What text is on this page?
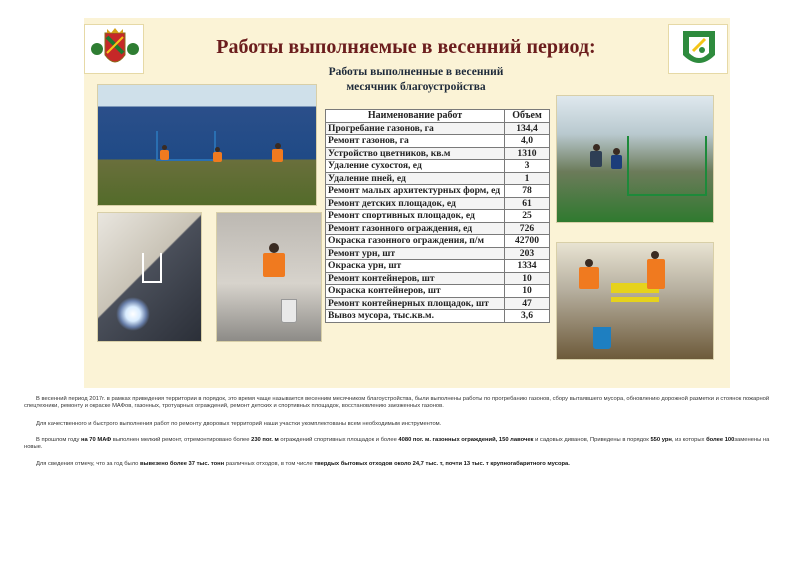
Работы выполняемые в весенний период:
Работы выполненные в весенний
месячник благоустройства
Наименование работ	Объем
Прогребание газонов, га	134,4
Ремонт газонов, га	4,0
Устройство цветников, кв.м	1310
Удаление сухостоя, ед	3
Удаление пней, ед	1
Ремонт малых архитектурных форм, ед	78
Ремонт детских площадок, ед	61
Ремонт спортивных площадок, ед	25
Ремонт газонного ограждения, ед	726
Окраска газонного ограждения, п/м	42700
Ремонт урн, шт	203
Окраска урн, шт	1334
Ремонт контейнеров, шт	10
Окраска контейнеров, шт	10
Ремонт контейнерных площадок, шт	47
Вывоз мусора, тыс.кв.м.	3,6

В весенний период 2017г. в рамках приведения территории в порядок, это время чаще называется весенним месячником благоустройства, были выполнены работы по прогребанию газонов, сбору вытаявшего мусора, обновлению дорожной разметки и стоянок пожарной спецтехники, ремонту и окраске МАФов, газонных, тротуарных ограждений, ремонт детских и спортивных площадок, восстановлению заезженных газонов.

Для качественного и быстрого выполнения работ по ремонту дворовых территорий наши участки укомплектованы всем необходимым инструментом.

В прошлом году на 70 МАФ выполнен мелкий ремонт, отремонтировано более 230 пог. м ограждений спортивных площадок и более 4080 пог. м. газонных ограждений, 150 лавочек и садовых диванов, Приведены в порядок 550 урн, из которых более 100заменены на новые.

Для сведения отмечу, что за год было вывезено более 37 тыс. тонн различных отходов, в том числе твердых бытовых отходов около 24,7 тыс. т, почти 13 тыс. т крупногабаритного мусора.
